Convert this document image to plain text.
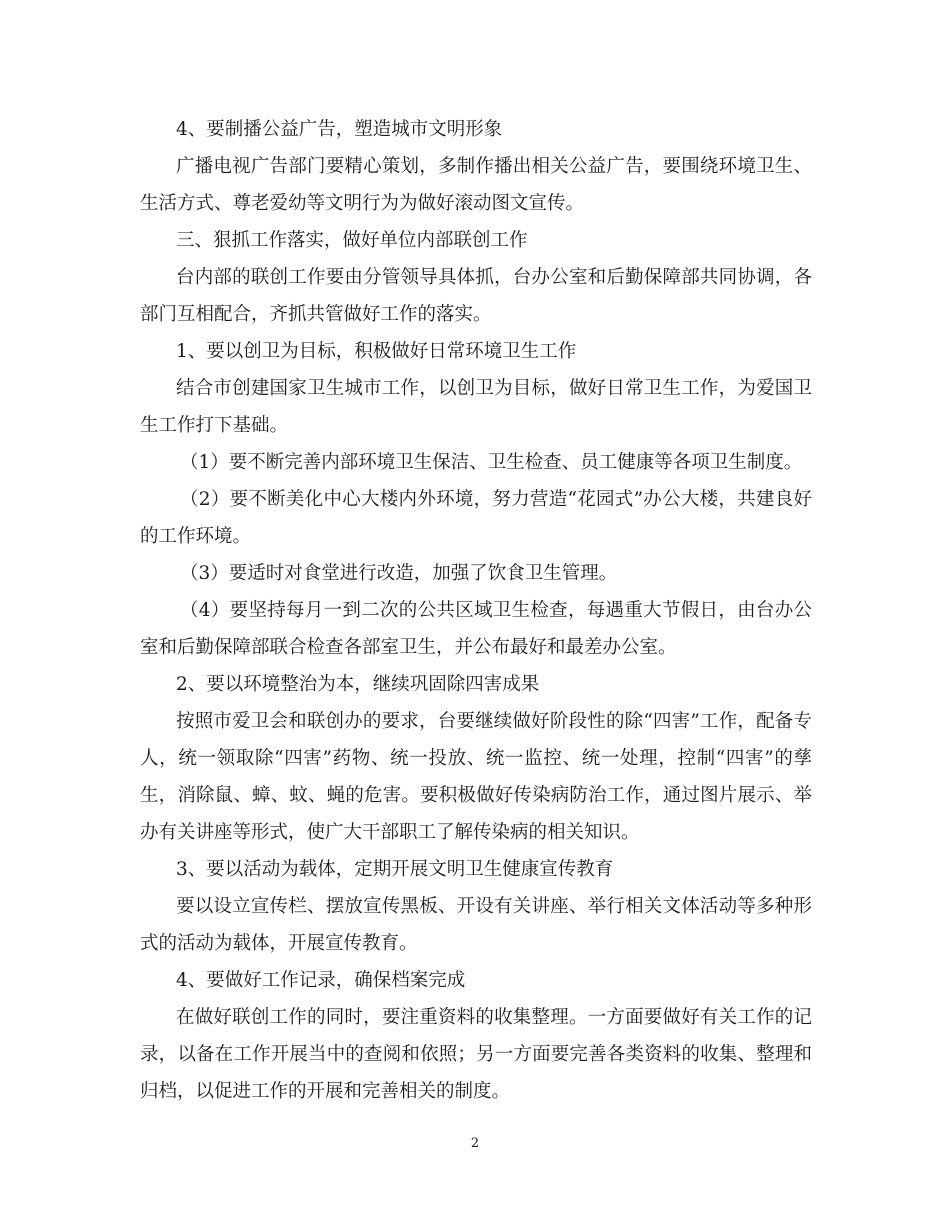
4、要制播公益广告，塑造城市文明形象
广播电视广告部门要精心策划，多制作播出相关公益广告，要围绕环境卫生、
生活方式、尊老爱幼等文明行为为做好滚动图文宣传。
三、狠抓工作落实，做好单位内部联创工作
台内部的联创工作要由分管领导具体抓，台办公室和后勤保障部共同协调，各
部门互相配合，齐抓共管做好工作的落实。
1、要以创卫为目标，积极做好日常环境卫生工作
结合市创建国家卫生城市工作，以创卫为目标，做好日常卫生工作，为爱国卫
生工作打下基础。
（1）要不断完善内部环境卫生保洁、卫生检查、员工健康等各项卫生制度。
（2）要不断美化中心大楼内外环境，努力营造“花园式”办公大楼，共建良好
的工作环境。
（3）要适时对食堂进行改造，加强了饮食卫生管理。
（4）要坚持每月一到二次的公共区域卫生检查，每遇重大节假日，由台办公
室和后勤保障部联合检查各部室卫生，并公布最好和最差办公室。
2、要以环境整治为本，继续巩固除四害成果
按照市爱卫会和联创办的要求，台要继续做好阶段性的除“四害”工作，配备专
人，统一领取除“四害”药物、统一投放、统一监控、统一处理，控制“四害”的孳
生，消除鼠、蟑、蚊、蝇的危害。要积极做好传染病防治工作，通过图片展示、举
办有关讲座等形式，使广大干部职工了解传染病的相关知识。
3、要以活动为载体，定期开展文明卫生健康宣传教育
要以设立宣传栏、摆放宣传黑板、开设有关讲座、举行相关文体活动等多种形
式的活动为载体，开展宣传教育。
4、要做好工作记录，确保档案完成
在做好联创工作的同时，要注重资料的收集整理。一方面要做好有关工作的记
录，以备在工作开展当中的查阅和依照；另一方面要完善各类资料的收集、整理和
归档，以促进工作的开展和完善相关的制度。
2
